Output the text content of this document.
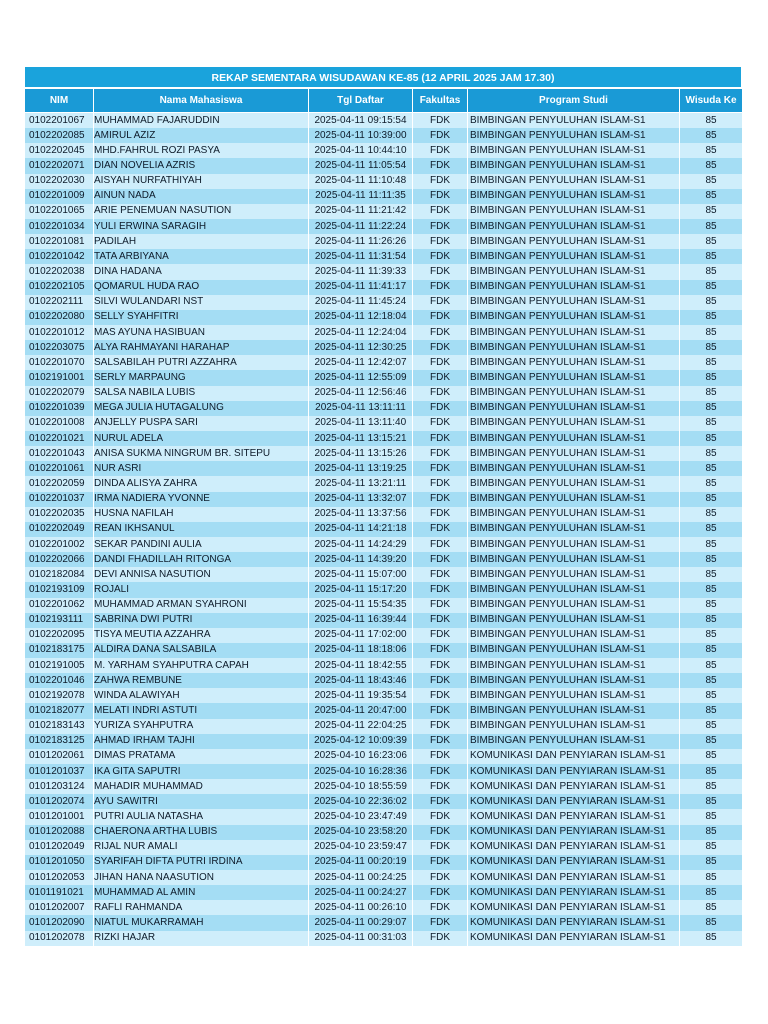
REKAP SEMENTARA WISUDAWAN KE-85 (12 APRIL 2025 JAM 17.30)
NIM	Nama Mahasiswa	Tgl Daftar	Fakultas	Program Studi	Wisuda Ke
0102201067	MUHAMMAD FAJARUDDIN	2025-04-11 09:15:54	FDK	BIMBINGAN PENYULUHAN ISLAM-S1	85
0102202085	AMIRUL AZIZ	2025-04-11 10:39:00	FDK	BIMBINGAN PENYULUHAN ISLAM-S1	85
0102202045	MHD.FAHRUL ROZI PASYA	2025-04-11 10:44:10	FDK	BIMBINGAN PENYULUHAN ISLAM-S1	85
0102202071	DIAN NOVELIA AZRIS	2025-04-11 11:05:54	FDK	BIMBINGAN PENYULUHAN ISLAM-S1	85
0102202030	AISYAH NURFATHIYAH	2025-04-11 11:10:48	FDK	BIMBINGAN PENYULUHAN ISLAM-S1	85
0102201009	AINUN NADA	2025-04-11 11:11:35	FDK	BIMBINGAN PENYULUHAN ISLAM-S1	85
0102201065	ARIE PENEMUAN NASUTION	2025-04-11 11:21:42	FDK	BIMBINGAN PENYULUHAN ISLAM-S1	85
0102201034	YULI ERWINA SARAGIH	2025-04-11 11:22:24	FDK	BIMBINGAN PENYULUHAN ISLAM-S1	85
0102201081	PADILAH	2025-04-11 11:26:26	FDK	BIMBINGAN PENYULUHAN ISLAM-S1	85
0102201042	TATA ARBIYANA	2025-04-11 11:31:54	FDK	BIMBINGAN PENYULUHAN ISLAM-S1	85
0102202038	DINA HADANA	2025-04-11 11:39:33	FDK	BIMBINGAN PENYULUHAN ISLAM-S1	85
0102202105	QOMARUL HUDA RAO	2025-04-11 11:41:17	FDK	BIMBINGAN PENYULUHAN ISLAM-S1	85
0102202111	SILVI WULANDARI NST	2025-04-11 11:45:24	FDK	BIMBINGAN PENYULUHAN ISLAM-S1	85
0102202080	SELLY SYAHFITRI	2025-04-11 12:18:04	FDK	BIMBINGAN PENYULUHAN ISLAM-S1	85
0102201012	MAS AYUNA HASIBUAN	2025-04-11 12:24:04	FDK	BIMBINGAN PENYULUHAN ISLAM-S1	85
0102203075	ALYA RAHMAYANI HARAHAP	2025-04-11 12:30:25	FDK	BIMBINGAN PENYULUHAN ISLAM-S1	85
0102201070	SALSABILAH PUTRI AZZAHRA	2025-04-11 12:42:07	FDK	BIMBINGAN PENYULUHAN ISLAM-S1	85
0102191001	SERLY MARPAUNG	2025-04-11 12:55:09	FDK	BIMBINGAN PENYULUHAN ISLAM-S1	85
0102202079	SALSA NABILA LUBIS	2025-04-11 12:56:46	FDK	BIMBINGAN PENYULUHAN ISLAM-S1	85
0102201039	MEGA JULIA HUTAGALUNG	2025-04-11 13:11:11	FDK	BIMBINGAN PENYULUHAN ISLAM-S1	85
0102201008	ANJELLY PUSPA SARI	2025-04-11 13:11:40	FDK	BIMBINGAN PENYULUHAN ISLAM-S1	85
0102201021	NURUL ADELA	2025-04-11 13:15:21	FDK	BIMBINGAN PENYULUHAN ISLAM-S1	85
0102201043	ANISA SUKMA NINGRUM BR. SITEPU	2025-04-11 13:15:26	FDK	BIMBINGAN PENYULUHAN ISLAM-S1	85
0102201061	NUR ASRI	2025-04-11 13:19:25	FDK	BIMBINGAN PENYULUHAN ISLAM-S1	85
0102202059	DINDA ALISYA ZAHRA	2025-04-11 13:21:11	FDK	BIMBINGAN PENYULUHAN ISLAM-S1	85
0102201037	IRMA NADIERA YVONNE	2025-04-11 13:32:07	FDK	BIMBINGAN PENYULUHAN ISLAM-S1	85
0102202035	HUSNA NAFILAH	2025-04-11 13:37:56	FDK	BIMBINGAN PENYULUHAN ISLAM-S1	85
0102202049	REAN IKHSANUL	2025-04-11 14:21:18	FDK	BIMBINGAN PENYULUHAN ISLAM-S1	85
0102201002	SEKAR PANDINI AULIA	2025-04-11 14:24:29	FDK	BIMBINGAN PENYULUHAN ISLAM-S1	85
0102202066	DANDI FHADILLAH RITONGA	2025-04-11 14:39:20	FDK	BIMBINGAN PENYULUHAN ISLAM-S1	85
0102182084	DEVI ANNISA NASUTION	2025-04-11 15:07:00	FDK	BIMBINGAN PENYULUHAN ISLAM-S1	85
0102193109	ROJALI	2025-04-11 15:17:20	FDK	BIMBINGAN PENYULUHAN ISLAM-S1	85
0102201062	MUHAMMAD ARMAN SYAHRONI	2025-04-11 15:54:35	FDK	BIMBINGAN PENYULUHAN ISLAM-S1	85
0102193111	SABRINA DWI PUTRI	2025-04-11 16:39:44	FDK	BIMBINGAN PENYULUHAN ISLAM-S1	85
0102202095	TISYA MEUTIA AZZAHRA	2025-04-11 17:02:00	FDK	BIMBINGAN PENYULUHAN ISLAM-S1	85
0102183175	ALDIRA DANA SALSABILA	2025-04-11 18:18:06	FDK	BIMBINGAN PENYULUHAN ISLAM-S1	85
0102191005	M. YARHAM SYAHPUTRA CAPAH	2025-04-11 18:42:55	FDK	BIMBINGAN PENYULUHAN ISLAM-S1	85
0102201046	ZAHWA REMBUNE	2025-04-11 18:43:46	FDK	BIMBINGAN PENYULUHAN ISLAM-S1	85
0102192078	WINDA ALAWIYAH	2025-04-11 19:35:54	FDK	BIMBINGAN PENYULUHAN ISLAM-S1	85
0102182077	MELATI INDRI ASTUTI	2025-04-11 20:47:00	FDK	BIMBINGAN PENYULUHAN ISLAM-S1	85
0102183143	YURIZA SYAHPUTRA	2025-04-11 22:04:25	FDK	BIMBINGAN PENYULUHAN ISLAM-S1	85
0102183125	AHMAD IRHAM TAJHI	2025-04-12 10:09:39	FDK	BIMBINGAN PENYULUHAN ISLAM-S1	85
0101202061	DIMAS PRATAMA	2025-04-10 16:23:06	FDK	KOMUNIKASI DAN PENYIARAN ISLAM-S1	85
0101201037	IKA GITA SAPUTRI	2025-04-10 16:28:36	FDK	KOMUNIKASI DAN PENYIARAN ISLAM-S1	85
0101203124	MAHADIR MUHAMMAD	2025-04-10 18:55:59	FDK	KOMUNIKASI DAN PENYIARAN ISLAM-S1	85
0101202074	AYU SAWITRI	2025-04-10 22:36:02	FDK	KOMUNIKASI DAN PENYIARAN ISLAM-S1	85
0101201001	PUTRI AULIA NATASHA	2025-04-10 23:47:49	FDK	KOMUNIKASI DAN PENYIARAN ISLAM-S1	85
0101202088	CHAERONA ARTHA LUBIS	2025-04-10 23:58:20	FDK	KOMUNIKASI DAN PENYIARAN ISLAM-S1	85
0101202049	RIJAL NUR AMALI	2025-04-10 23:59:47	FDK	KOMUNIKASI DAN PENYIARAN ISLAM-S1	85
0101201050	SYARIFAH DIFTA PUTRI IRDINA	2025-04-11 00:20:19	FDK	KOMUNIKASI DAN PENYIARAN ISLAM-S1	85
0101202053	JIHAN HANA NAASUTION	2025-04-11 00:24:25	FDK	KOMUNIKASI DAN PENYIARAN ISLAM-S1	85
0101191021	MUHAMMAD AL AMIN	2025-04-11 00:24:27	FDK	KOMUNIKASI DAN PENYIARAN ISLAM-S1	85
0101202007	RAFLI RAHMANDA	2025-04-11 00:26:10	FDK	KOMUNIKASI DAN PENYIARAN ISLAM-S1	85
0101202090	NIATUL MUKARRAMAH	2025-04-11 00:29:07	FDK	KOMUNIKASI DAN PENYIARAN ISLAM-S1	85
0101202078	RIZKI HAJAR	2025-04-11 00:31:03	FDK	KOMUNIKASI DAN PENYIARAN ISLAM-S1	85
